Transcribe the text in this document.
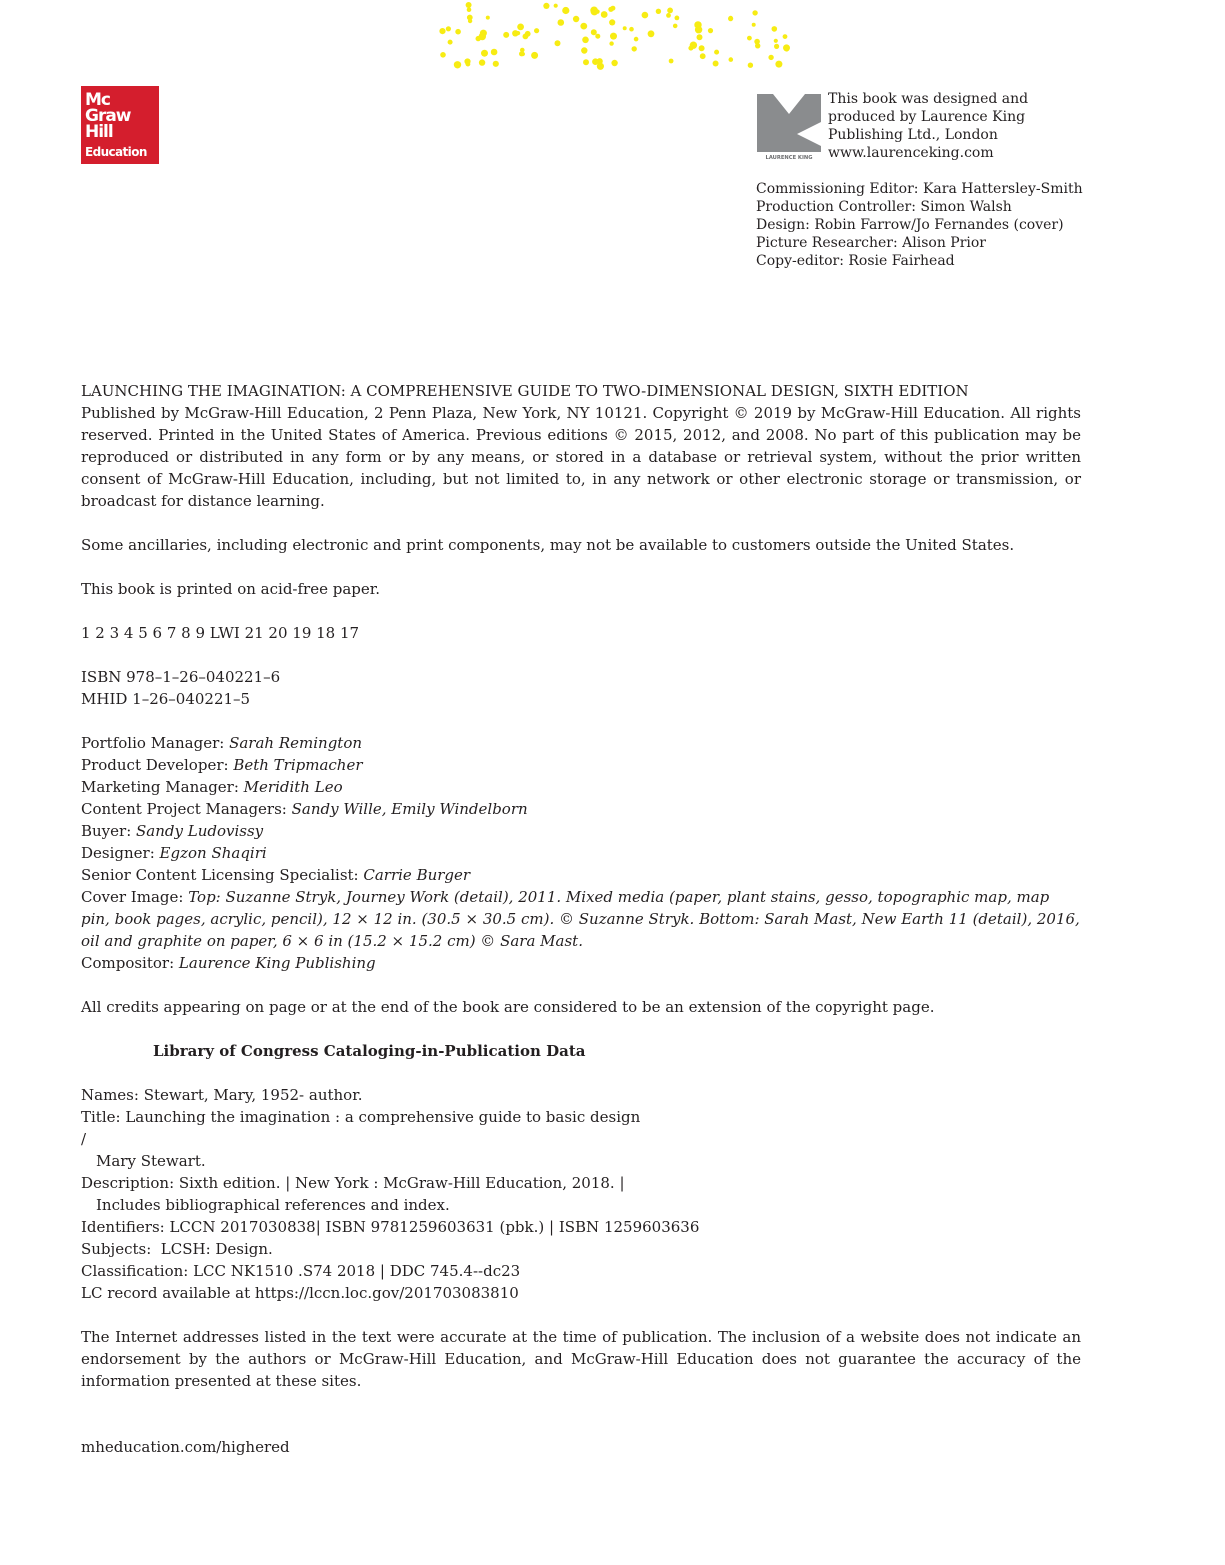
Mc
Graw
Hill
Education	LAURENCE KING
This book was designed and
produced by Laurence King
Publishing Ltd., London
www.laurenceking.com
Commissioning Editor: Kara Hattersley-Smith
Production Controller: Simon Walsh
Design: Robin Farrow/Jo Fernandes (cover)
Picture Researcher: Alison Prior
Copy-editor: Rosie Fairhead
LAUNCHING THE IMAGINATION: A COMPREHENSIVE GUIDE TO TWO-DIMENSIONAL DESIGN, SIXTH EDITION
Published by McGraw-Hill Education, 2 Penn Plaza, New York, NY 10121. Copyright © 2019 by McGraw-Hill Education. All rights reserved. Printed in the United States of America. Previous editions © 2015, 2012, and 2008. No part of this publication may be reproduced or distributed in any form or by any means, or stored in a database or retrieval system, without the prior written consent of McGraw-Hill Education, including, but not limited to, in any network or other electronic storage or transmission, or broadcast for distance learning.
Some ancillaries, including electronic and print components, may not be available to customers outside the United States.
This book is printed on acid-free paper.
1 2 3 4 5 6 7 8 9 LWI 21 20 19 18 17
ISBN 978–1–26–040221–6
MHID 1–26–040221–5
Portfolio Manager: Sarah Remington
Product Developer: Beth Tripmacher
Marketing Manager: Meridith Leo
Content Project Managers: Sandy Wille, Emily Windelborn
Buyer: Sandy Ludovissy
Designer: Egzon Shaqiri
Senior Content Licensing Specialist: Carrie Burger
Cover Image: Top: Suzanne Stryk, Journey Work (detail), 2011. Mixed media (paper, plant stains, gesso, topographic map, map pin, book pages, acrylic, pencil), 12 × 12 in. (30.5 × 30.5 cm). © Suzanne Stryk. Bottom: Sarah Mast, New Earth 11 (detail), 2016, oil and graphite on paper, 6 × 6 in (15.2 × 15.2 cm) © Sara Mast.
Compositor: Laurence King Publishing
All credits appearing on page or at the end of the book are considered to be an extension of the copyright page.
Library of Congress Cataloging-in-Publication Data
Names: Stewart, Mary, 1952- author.
Title: Launching the imagination : a comprehensive guide to basic design
/
Mary Stewart.
Description: Sixth edition. | New York : McGraw-Hill Education, 2018. |
Includes bibliographical references and index.
Identifiers: LCCN 2017030838| ISBN 9781259603631 (pbk.) | ISBN 1259603636
Subjects:  LCSH: Design.
Classification: LCC NK1510 .S74 2018 | DDC 745.4--dc23
LC record available at https://lccn.loc.gov/201703083810
The Internet addresses listed in the text were accurate at the time of publication. The inclusion of a website does not indicate an endorsement by the authors or McGraw-Hill Education, and McGraw-Hill Education does not guarantee the accuracy of the information presented at these sites.
mheducation.com/highered
